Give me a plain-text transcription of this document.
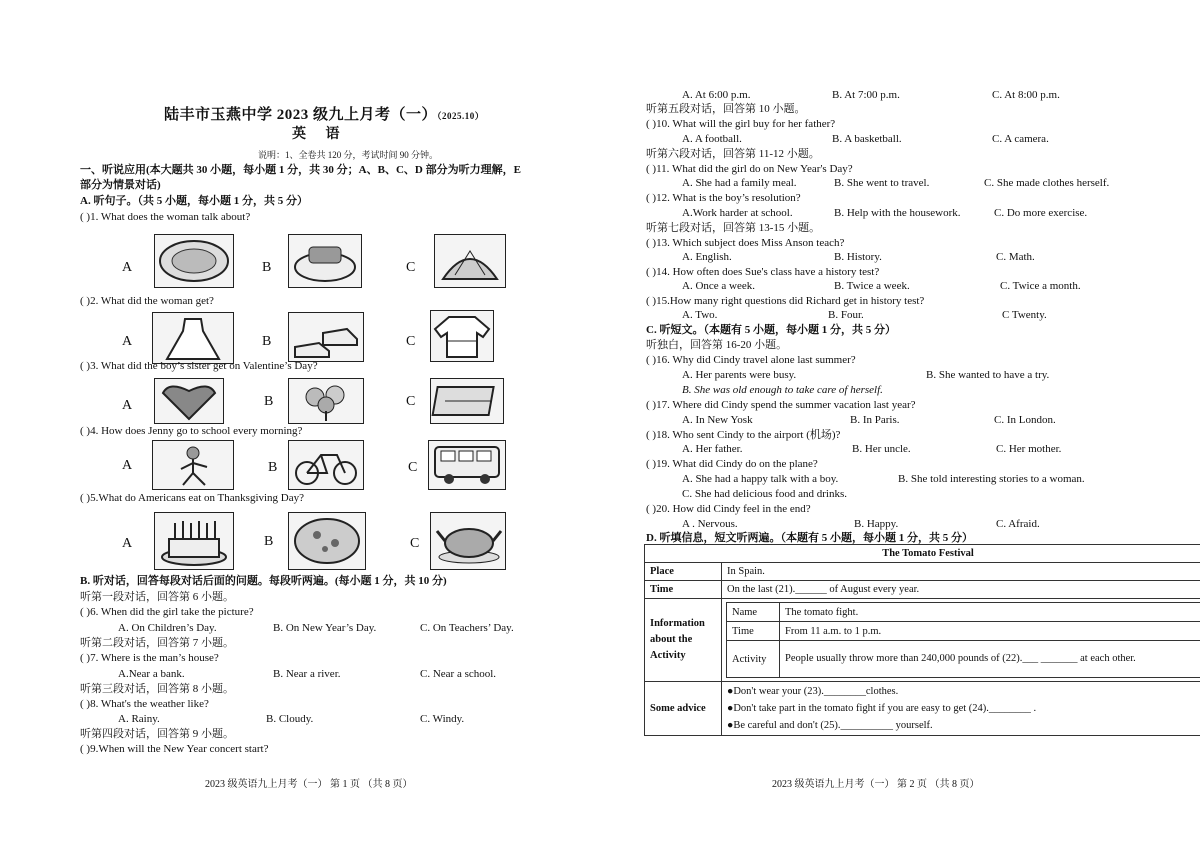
陆丰市玉燕中学 2023 级九上月考（一）（2025.10）
英 语
说明：1、全卷共 120 分，考试时间 90 分钟。
一、听说应用(本大题共 30 小题，每小题 1 分，共 30 分；A、B、C、D 部分为听力理解，E
部分为情景对话)
A. 听句子。（共 5 小题，每小题 1 分，共 5 分）
( )1. What does the woman talk about?
A	B	C
( )2. What did the woman get?
A	B	C
( )3. What did the boy’s sister get on Valentine’s Day?
A	B	C
( )4. How does Jenny go to school every morning?
A	B	C
( )5.What do Americans eat on Thanksgiving Day?
A	B	C
B. 听对话，回答每段对话后面的问题。每段听两遍。(每小题 1 分，共 10 分)
听第一段对话，回答第 6 小题。
( )6. When did the girl take the picture?
A. On Children’s Day.	B. On New Year’s Day.	C. On Teachers’ Day.
听第二段对话，回答第 7 小题。
( )7. Where is the man’s house?
A.Near a bank.	B. Near a river.	C. Near a school.
听第三段对话，回答第 8 小题。
( )8. What's the weather like?
A. Rainy.	B. Cloudy.	C. Windy.
听第四段对话，回答第 9 小题。
( )9.When will the New Year concert start?
2023 级英语九上月考（一） 第 1 页 （共 8 页）
A. At 6:00 p.m.	B. At 7:00 p.m.	C. At 8:00 p.m.
听第五段对话，回答第 10 小题。
( )10. What will the girl buy for her father?
A. A football.	B. A basketball.	C. A camera.
听第六段对话，回答第 11-12 小题。
( )11. What did the girl do on New Year's Day?
A. She had a family meal.	B. She went to travel.	C. She made clothes herself.
( )12. What is the boy’s resolution?
A.Work harder at school.	B. Help with the housework.	C. Do more exercise.
听第七段对话，回答第 13-15 小题。
( )13. Which subject does Miss Anson teach?
A. English.	B. History.	C. Math.
( )14. How often does Sue's class have a history test?
A. Once a week.	B. Twice a week.	C. Twice a month.
( )15.How many right questions did Richard get in history test?
A. Two.	B. Four.	C Twenty.
C. 听短文。（本题有 5 小题，每小题 1 分，共 5 分）
听独白，回答第 16-20 小题。
( )16. Why did Cindy travel alone last summer?
A. Her parents were busy.	B. She wanted to have a try.
B. She was old enough to take care of herself.
( )17. Where did Cindy spend the summer vacation last year?
A. In New Yosk	B. In Paris.	C. In London.
( )18. Who sent Cindy to the airport (机场)?
A. Her father.	B. Her uncle.	C. Her mother.
( )19. What did Cindy do on the plane?
A. She had a happy talk with a boy.	B. She told interesting stories to a woman.
C. She had delicious food and drinks.
( )20. How did Cindy feel in the end?
A . Nervous.	B. Happy.	C. Afraid.
D. 听填信息，短文听两遍。（本题有 5 小题，每小题 1 分，共 5 分）
The Tomato Festival
Place	In Spain.
Time	On the last (21).______ of August every year.
Information about the Activity	
Name	The tomato fight.
Time	From 11 a.m. to 1 p.m.
Activity	People usually throw more than 240,000 pounds of (22).___ _______ at each other.

Some advice	
●Don't wear your (23).________clothes.
●Don't take part in the tomato fight if you are easy to get (24).________ .
●Be careful and don't (25).__________ yourself.
2023 级英语九上月考（一） 第 2 页 （共 8 页）
